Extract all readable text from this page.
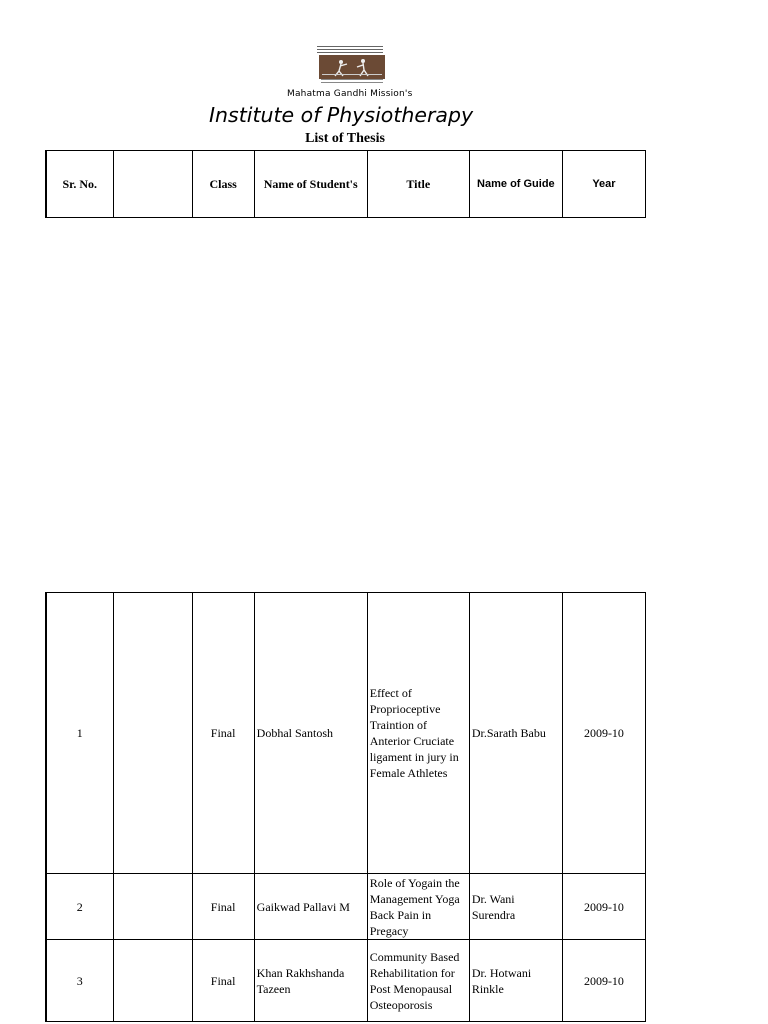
Mahatma Gandhi Mission's
Institute of Physiotherapy
List of Thesis
Sr. No.		Class	Name of Student's	Title	Name of Guide	Year
1		Final	Dobhal Santosh	Effect of Proprioceptive Traintion of Anterior Cruciate ligament in jury in Female Athletes	Dr.Sarath Babu	2009-10
2		Final	Gaikwad Pallavi M	Role of Yogain the Management Yoga Back Pain in Pregacy	Dr. Wani Surendra	2009-10
3		Final	Khan Rakhshanda Tazeen	Community Based Rehabilitation for Post Menopausal Osteoporosis	Dr. Hotwani Rinkle	2009-10
